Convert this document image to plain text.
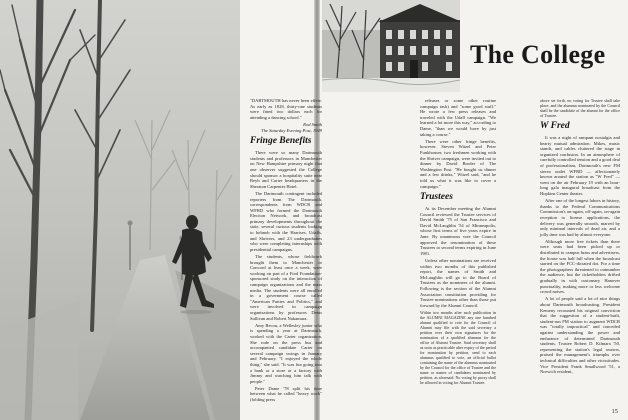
The College

"DARTMOUTH has never been effete. As early as 1828, thirty-one students were fined two dollars each for attending a dancing school."

Rod Smith
The Saturday Evening Post, 1949
Fringe Benefits

There were so many Dartmouth students and professors in Manchester on New Hampshire primary night that one observer suggested the College should sponsor a hospitality suite near Reyb and Carter headquarters in the Sheraton Carpenter Hotel.

The Dartmouth contingent included reporters from The Dartmouth, correspondents from WDCR and WFRD who formed the Dartmouth Election Network, and broadcast primary developments throughout the state, several curious students looking to hobnob with the Harrises, Udalls, and Shrivers, and 23 undergraduates who were completing internships with presidential campaigns.

The students, whose fieldwork brought them to Manchester or Concord at least once a week, were working on part of a Ford Foundation-sponsored study on the interaction of campaign organizations and the mass media. The students were all enrolled in a government course called "American Parties and Politics," and were involved in campaign organizations by professors Denis Sullivan and Robert Nakamura.

Amy Becon, a Wellesley junior who is spending a year at Dartmouth, worked with the Carter organization. She rode on the press bus and accompanied candidate Carter on several campaign swings in January and February. "I enjoyed the whole thing," she said. "It was fun going into a bank or a store or a factory with Jimmy and watching him talk with people."

Peter Dame '78 split his time between what he called "heavy work" (folding press

releases or some other routine campaign task) and "some good stuff." He wrote a few press releases and traveled with the Udall campaign. "We learned a lot more this way," according to Dame, "than we would have by just taking a course."

There were other fringe benefits, however. Steven Witzel and Peter Funkhouser, two freshmen working with the Shriver campaign, were invited out to dinner by David Broder of The Washington Post. "He bought us dinner and a few drinks," Witzel said, "and he told us what it was like to cover a campaign."

Trustees

At its December meeting the Alumni Council reviewed the Trustee services of David Smith '75 of San Francisco and David McLaughlin '54 of Minneapolis, whose first terms of five years expire in June. By unanimous vote the Council approved the renomination of these Trustees to second terms expiring in June 1981.

Unless other nominations are received within two months of this published report, the names of Smith and McLaughlin will go to the Board of Trustees as the nominees of the alumni. Following is the section of the Alumni Association constitution providing for Trustee nominations other than those put forward by the Alumni Council.

Within two months after such publication in the ALUMNI MAGAZINE any one hundred alumni qualified to vote for the Council of Alumni may file with the said secretary a petition over their own signatures for the nomination of a qualified alumnus for the office of Alumni Trustee. Said secretary shall as soon as practicable after expiry of the period for nomination by petition, send to each alumnus qualified to vote, an official ballot containing the name of the alumnus nominated by the Council for the office of Trustee and the name or names of candidates nominated by petition, as aforesaid. No voting by proxy shall be allowed in voting for Alumni Trustee.

above set forth, no voting for Trustee shall take place, and the alumnus nominated by the Council shall be the candidate of the alumni for the office of Trustee.

W Fred

It was a night of rampant nostalgia and hearty mutual admiration. Mikes, music stands, and cables cluttered the stage in organized confusion. In an atmosphere of carefully controlled tension and a good deal of professionalism, Dartmouth's new FM stereo outlet WFRD — affectionately known around the station as "W Fred" — went on the air February 19 with an hour-long gala inaugural broadcast from the Hopkins Center theater.

After one of the longest labors in history, thanks to the Federal Communications Commission's on-again, off-again, on-again reception to license applications, the delivery was generally smooth, marred by only minimal intervals of dead air, and a jolly time was had by almost everyone.

Although more free tickets than there were seats had been picked up or distributed to campus brass and advertisers, the house was half full when the broadcast started on the FCC-dictated dot. For a time the photographers threatened to outnumber the audience, but the ticketholders drifted gradually in with customary Hanover punctuality, making more or less welcome crowd noises.

A lot of people said a lot of nice things about Dartmouth broadcasting. President Kemeny recounted his original conviction that the suggestion of a student-built, student-run FM station to augment WDCR was "totally impractical" and conceded against understanding the power and endurance of determined Dartmouth students. Trustee Robert D. Kilmarx '50, representing the station's legal owners, praised the management's triumphs over technical difficulties and other vicissitudes. Vice President Frank Smallwood '51, a Norwich resident,

15
